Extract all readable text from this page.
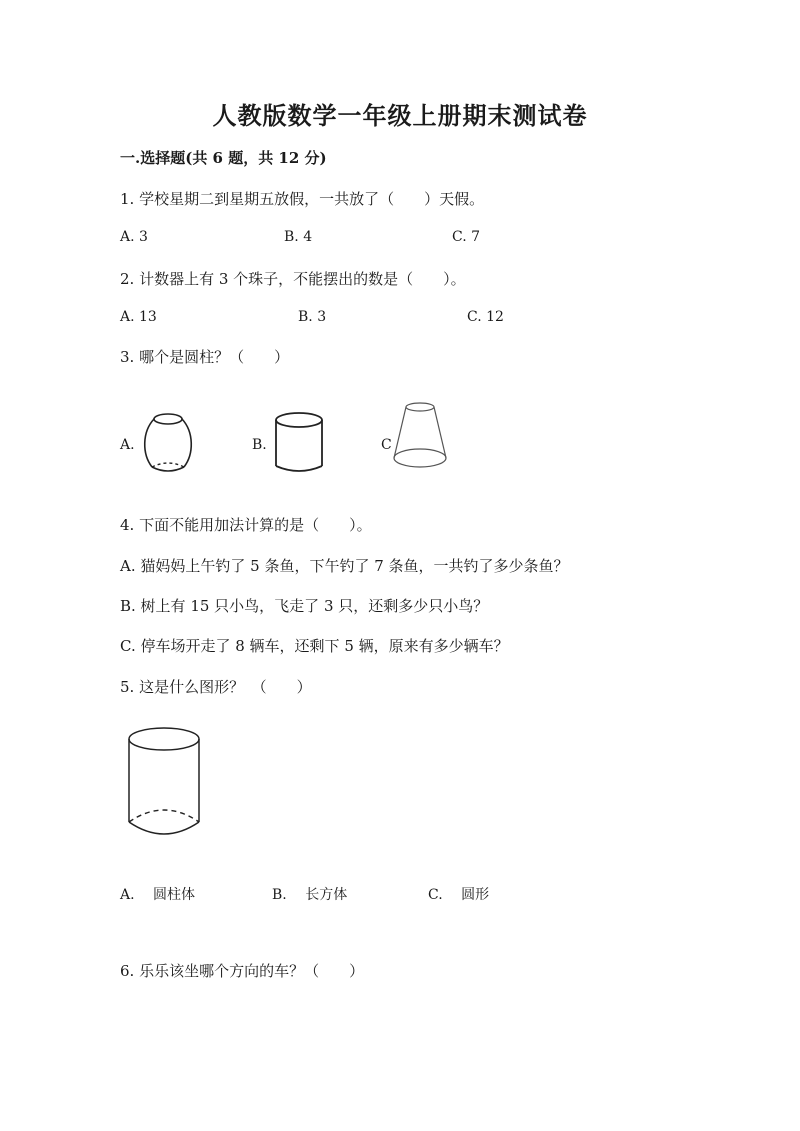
人教版数学一年级上册期末测试卷
一.选择题(共 6 题，共 12 分)
1. 学校星期二到星期五放假，一共放了（　　）天假。
A. 3	B. 4	C. 7
2. 计数器上有 3 个珠子，不能摆出的数是（　　）。
A. 13	B. 3	C. 12
3. 哪个是圆柱？（　　）
A.	B.	C
4. 下面不能用加法计算的是（　　）。
A. 猫妈妈上午钓了 5 条鱼，下午钓了 7 条鱼，一共钓了多少条鱼？
B. 树上有 15 只小鸟，飞走了 3 只，还剩多少只小鸟？
C. 停车场开走了 8 辆车，还剩下 5 辆，原来有多少辆车？
5. 这是什么图形？　（　　）
A.　 圆柱体	B.　 长方体	C.　 圆形
6. 乐乐该坐哪个方向的车？（　　）
